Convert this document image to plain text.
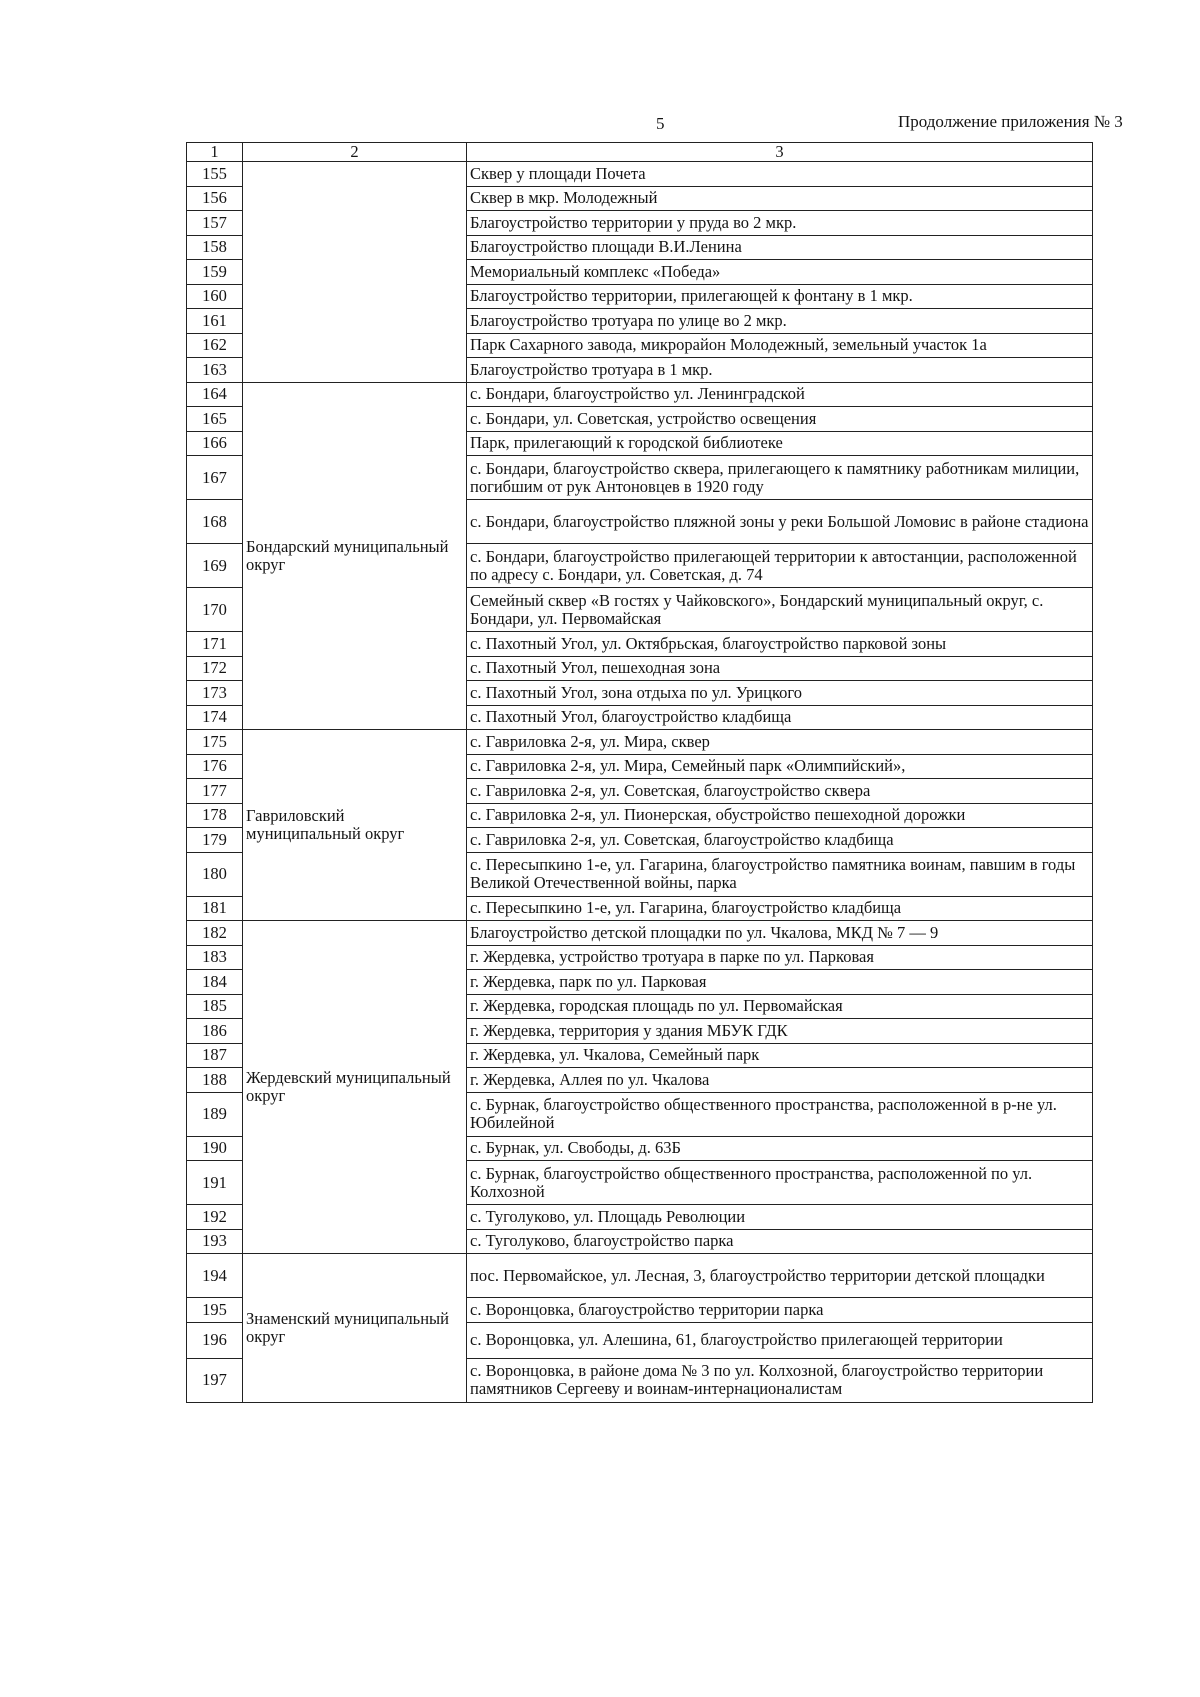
5	Продолжение приложения № 3
1	2	3
155		Сквер у площади Почета
156		Сквер в мкр. Молодежный
157		Благоустройство территории у пруда во 2 мкр.
158		Благоустройство площади В.И.Ленина
159		Мемориальный комплекс «Победа»
160		Благоустройство территории, прилегающей к фонтану в 1 мкр.
161		Благоустройство тротуара по улице во 2 мкр.
162		Парк Сахарного завода, микрорайон Молодежный, земельный участок 1а
163		Благоустройство тротуара в 1 мкр.
164	Бондарский муниципальный округ	с. Бондари, благоустройство ул. Ленинградской
165		с. Бондари, ул. Советская, устройство освещения
166		Парк, прилегающий к городской библиотеке
167		с. Бондари, благоустройство сквера, прилегающего к памятнику работникам милиции, погибшим от рук Антоновцев в 1920 году
168		с. Бондари, благоустройство пляжной зоны у реки Большой Ломовис в районе стадиона
169		с. Бондари, благоустройство прилегающей территории к автостанции, расположенной по адресу с. Бондари, ул. Советская, д. 74
170		Семейный сквер «В гостях у Чайковского», Бондарский муниципальный округ, с. Бондари, ул. Первомайская
171		с. Пахотный Угол, ул. Октябрьская, благоустройство парковой зоны
172		с. Пахотный Угол, пешеходная зона
173		с. Пахотный Угол, зона отдыха по ул. Урицкого
174		с. Пахотный Угол, благоустройство кладбища
175	Гавриловский муниципальный округ	с. Гавриловка 2-я, ул. Мира, сквер
176		с. Гавриловка 2-я, ул. Мира, Семейный парк «Олимпийский»,
177		с. Гавриловка 2-я, ул. Советская, благоустройство сквера
178		с. Гавриловка 2-я, ул. Пионерская, обустройство пешеходной дорожки
179		с. Гавриловка 2-я, ул. Советская, благоустройство кладбища
180		с. Пересыпкино 1-е, ул. Гагарина, благоустройство памятника воинам, павшим в годы Великой Отечественной войны, парка
181		с. Пересыпкино 1-е, ул. Гагарина, благоустройство кладбища
182	Жердевский муниципальный округ	Благоустройство детской площадки по ул. Чкалова, МКД № 7 — 9
183		г. Жердевка, устройство тротуара в парке по ул. Парковая
184		г. Жердевка, парк по ул. Парковая
185		г. Жердевка, городская площадь по ул. Первомайская
186		г. Жердевка, территория у здания МБУК ГДК
187		г. Жердевка, ул. Чкалова, Семейный парк
188		г. Жердевка, Аллея по ул. Чкалова
189		с. Бурнак, благоустройство общественного пространства, расположенной в р-не ул. Юбилейной
190		с. Бурнак, ул. Свободы, д. 63Б
191		с. Бурнак, благоустройство общественного пространства, расположенной по ул. Колхозной
192		с. Туголуково, ул. Площадь Революции
193		с. Туголуково, благоустройство парка
194	Знаменский муниципальный округ	пос. Первомайское, ул. Лесная, 3, благоустройство территории детской площадки
195		с. Воронцовка, благоустройство территории парка
196		с. Воронцовка, ул. Алешина, 61, благоустройство прилегающей территории
197		с. Воронцовка, в районе дома № 3 по ул. Колхозной, благоустройство территории памятников Сергееву и воинам-интернационалистам
